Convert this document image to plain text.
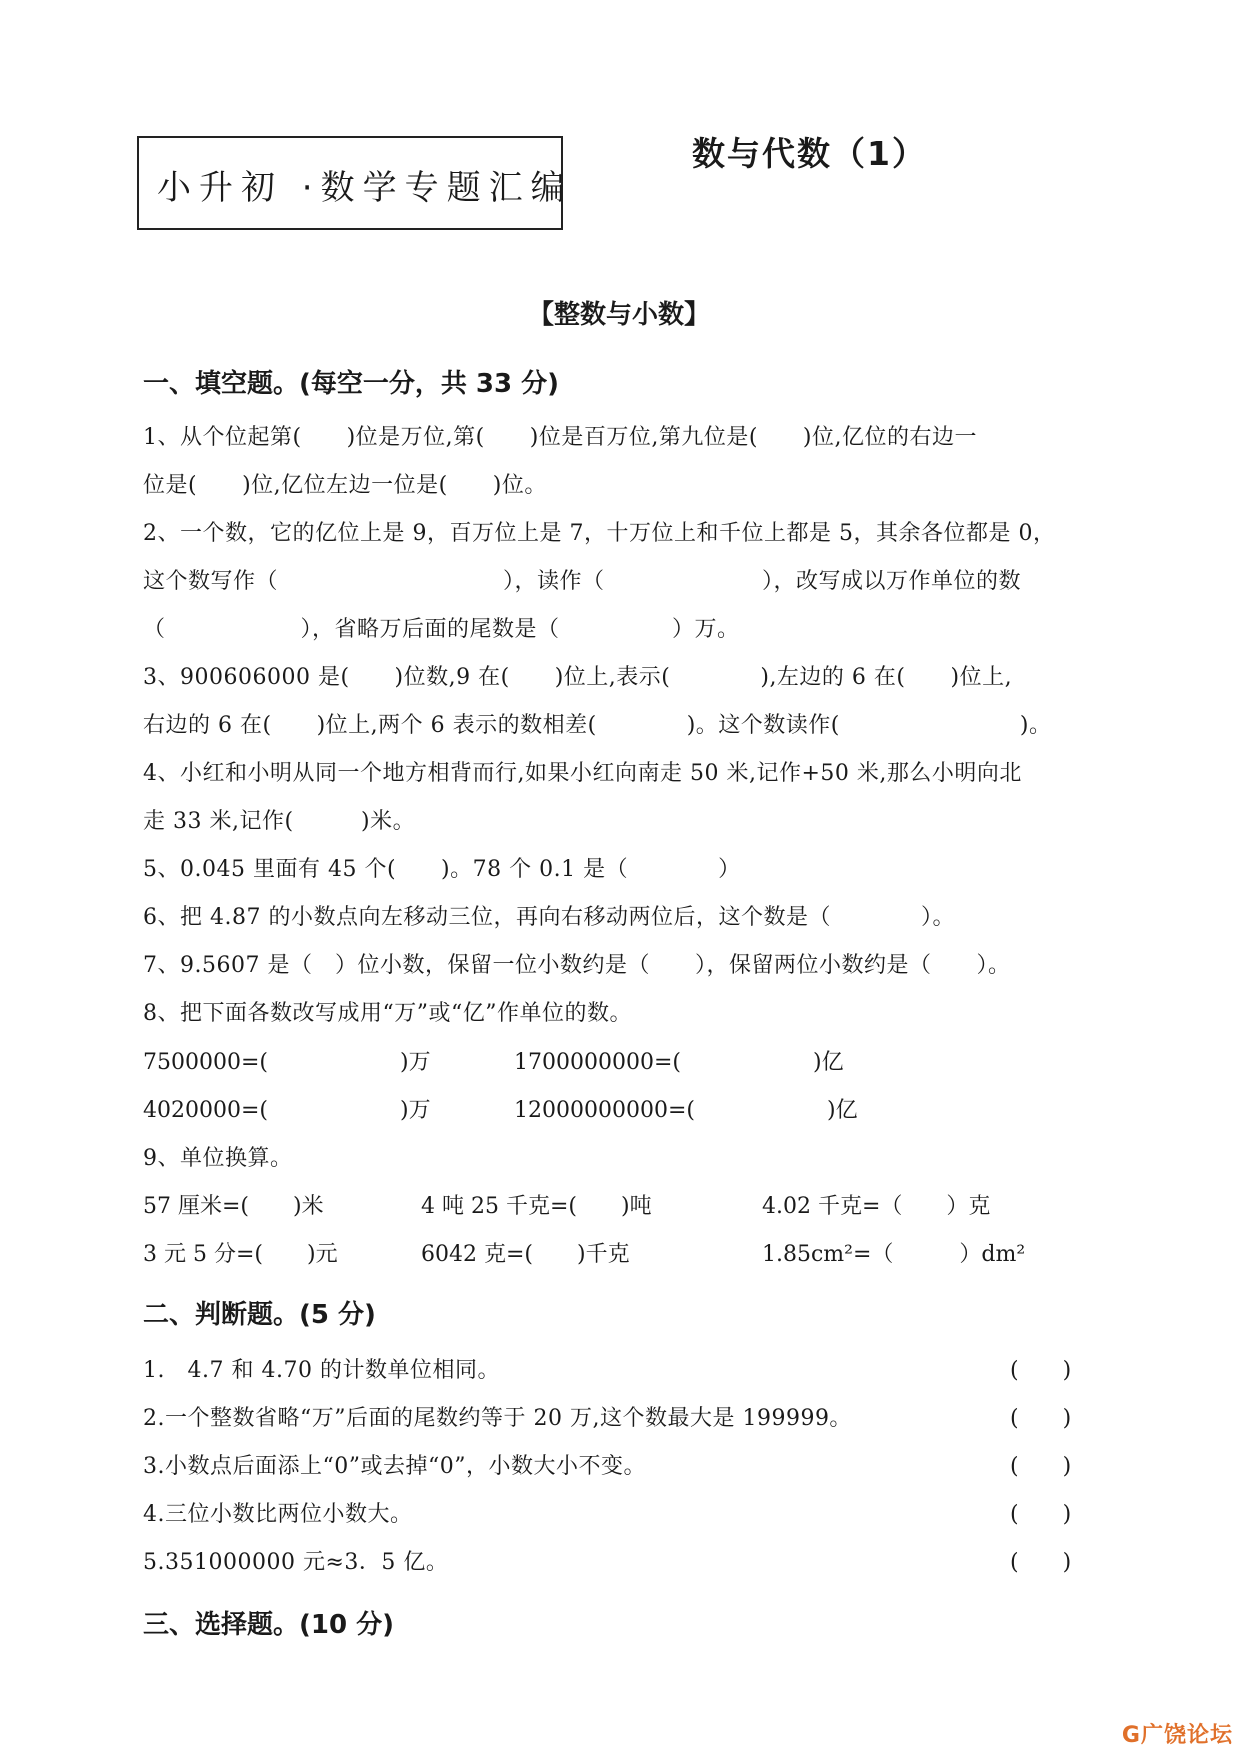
小升初 ·数学专题汇编
数与代数（1）
【整数与小数】
一、填空题。(每空一分，共 33 分)
1、从个位起第(　　)位是万位,第(　　)位是百万位,第九位是(　　)位,亿位的右边一
位是(　　)位,亿位左边一位是(　　)位。
2、一个数，它的亿位上是 9，百万位上是 7，十万位上和千位上都是 5，其余各位都是 0，
这个数写作（　　　　　　　　　　），读作（　　　　　　　），改写成以万作单位的数
（　　　　　　），省略万后面的尾数是（　　　　　）万。
3、900606000 是(　　)位数,9 在(　　)位上,表示(　　　　),左边的 6 在(　　)位上,
右边的 6 在(　　)位上,两个 6 表示的数相差(　　　　)。这个数读作(　　　　　　　　)。
4、小红和小明从同一个地方相背而行,如果小红向南走 50 米,记作+50 米,那么小明向北
走 33 米,记作(　　　)米。
5、0.045 里面有 45 个(　　)。78 个 0.1 是（　　　　）
6、把 4.87 的小数点向左移动三位，再向右移动两位后，这个数是（　　　　）。
7、9.5607 是（　）位小数，保留一位小数约是（　　），保留两位小数约是（　　）。
8、把下面各数改写成用“万”或“亿”作单位的数。
7500000=(　　　　　　)万	1700000000=(　　　　　　)亿
4020000=(　　　　　　)万	12000000000=(　　　　　　)亿
9、单位换算。
57 厘米=(　　)米	4 吨 25 千克=(　　)吨	4.02 千克=（　　）克
3 元 5 分=(　　)元	6042 克=(　　)千克	1.85cm²=（　　　）dm²
二、判断题。(5 分)
1.　4.7 和 4.70 的计数单位相同。	(　　)
2.一个整数省略“万”后面的尾数约等于 20 万,这个数最大是 199999。	(　　)
3.小数点后面添上“0”或去掉“0”，小数大小不变。	(　　)
4.三位小数比两位小数大。	(　　)
5.351000000 元≈3．5 亿。	(　　)
三、选择题。(10 分)
G广饶论坛
